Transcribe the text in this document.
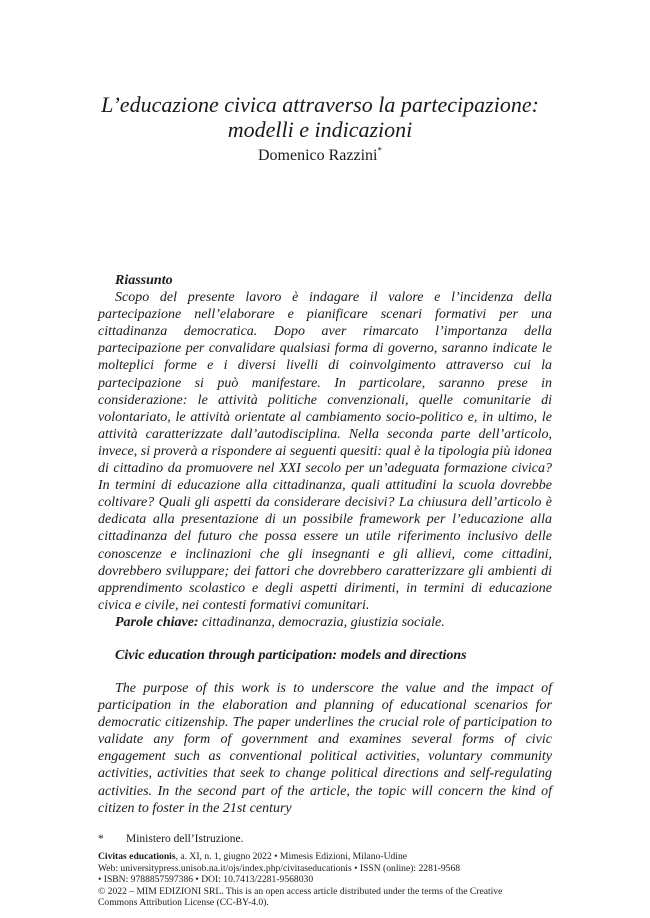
L’educazione civica attraverso la partecipazione:
modelli e indicazioni
Domenico Razzini*
Riassunto
Scopo del presente lavoro è indagare il valore e l’incidenza della partecipazione nell’elaborare e pianificare scenari formativi per una cittadinanza democratica. Dopo aver rimarcato l’importanza della partecipazione per convalidare qualsiasi forma di governo, saranno indicate le molteplici forme e i diversi livelli di coinvolgimento attraverso cui la partecipazione si può manifestare. In particolare, saranno prese in considerazione: le attività politiche convenzionali, quelle comunitarie di volontariato, le attività orientate al cambiamento socio-politico e, in ultimo, le attività caratterizzate dall’autodisciplina. Nella seconda parte dell’articolo, invece, si proverà a rispondere ai seguenti quesiti: qual è la tipologia più idonea di cittadino da promuovere nel XXI secolo per un’adeguata formazione civica? In termini di educazione alla cittadinanza, quali attitudini la scuola dovrebbe coltivare? Quali gli aspetti da considerare decisivi? La chiusura dell’articolo è dedicata alla presentazione di un possibile framework per l’educazione alla cittadinanza del futuro che possa essere un utile riferimento inclusivo delle conoscenze e inclinazioni che gli insegnanti e gli allievi, come cittadini, dovrebbero sviluppare; dei fattori che dovrebbero caratterizzare gli ambienti di apprendimento scolastico e degli aspetti dirimenti, in termini di educazione civica e civile, nei contesti formativi comunitari.
Parole chiave: cittadinanza, democrazia, giustizia sociale.
Civic education through participation: models and directions
The purpose of this work is to underscore the value and the impact of participation in the elaboration and planning of educational scenarios for democratic citizenship. The paper underlines the crucial role of participation to validate any form of government and examines several forms of civic engagement such as conventional political activities, voluntary community activities, activities that seek to change political directions and self-regulating activities. In the second part of the article, the topic will concern the kind of citizen to foster in the 21st century
* Ministero dell’Istruzione.
Civitas educationis, a. XI, n. 1, giugno 2022 • Mimesis Edizioni, Milano-Udine
Web: universitypress.unisob.na.it/ojs/index.php/civitaseducationis • ISSN (online): 2281-9568
• ISBN: 9788857597386 • DOI: 10.7413/2281-9568030
© 2022 – MIM EDIZIONI SRL. This is an open access article distributed under the terms of the Creative
Commons Attribution License (CC-BY-4.0).
